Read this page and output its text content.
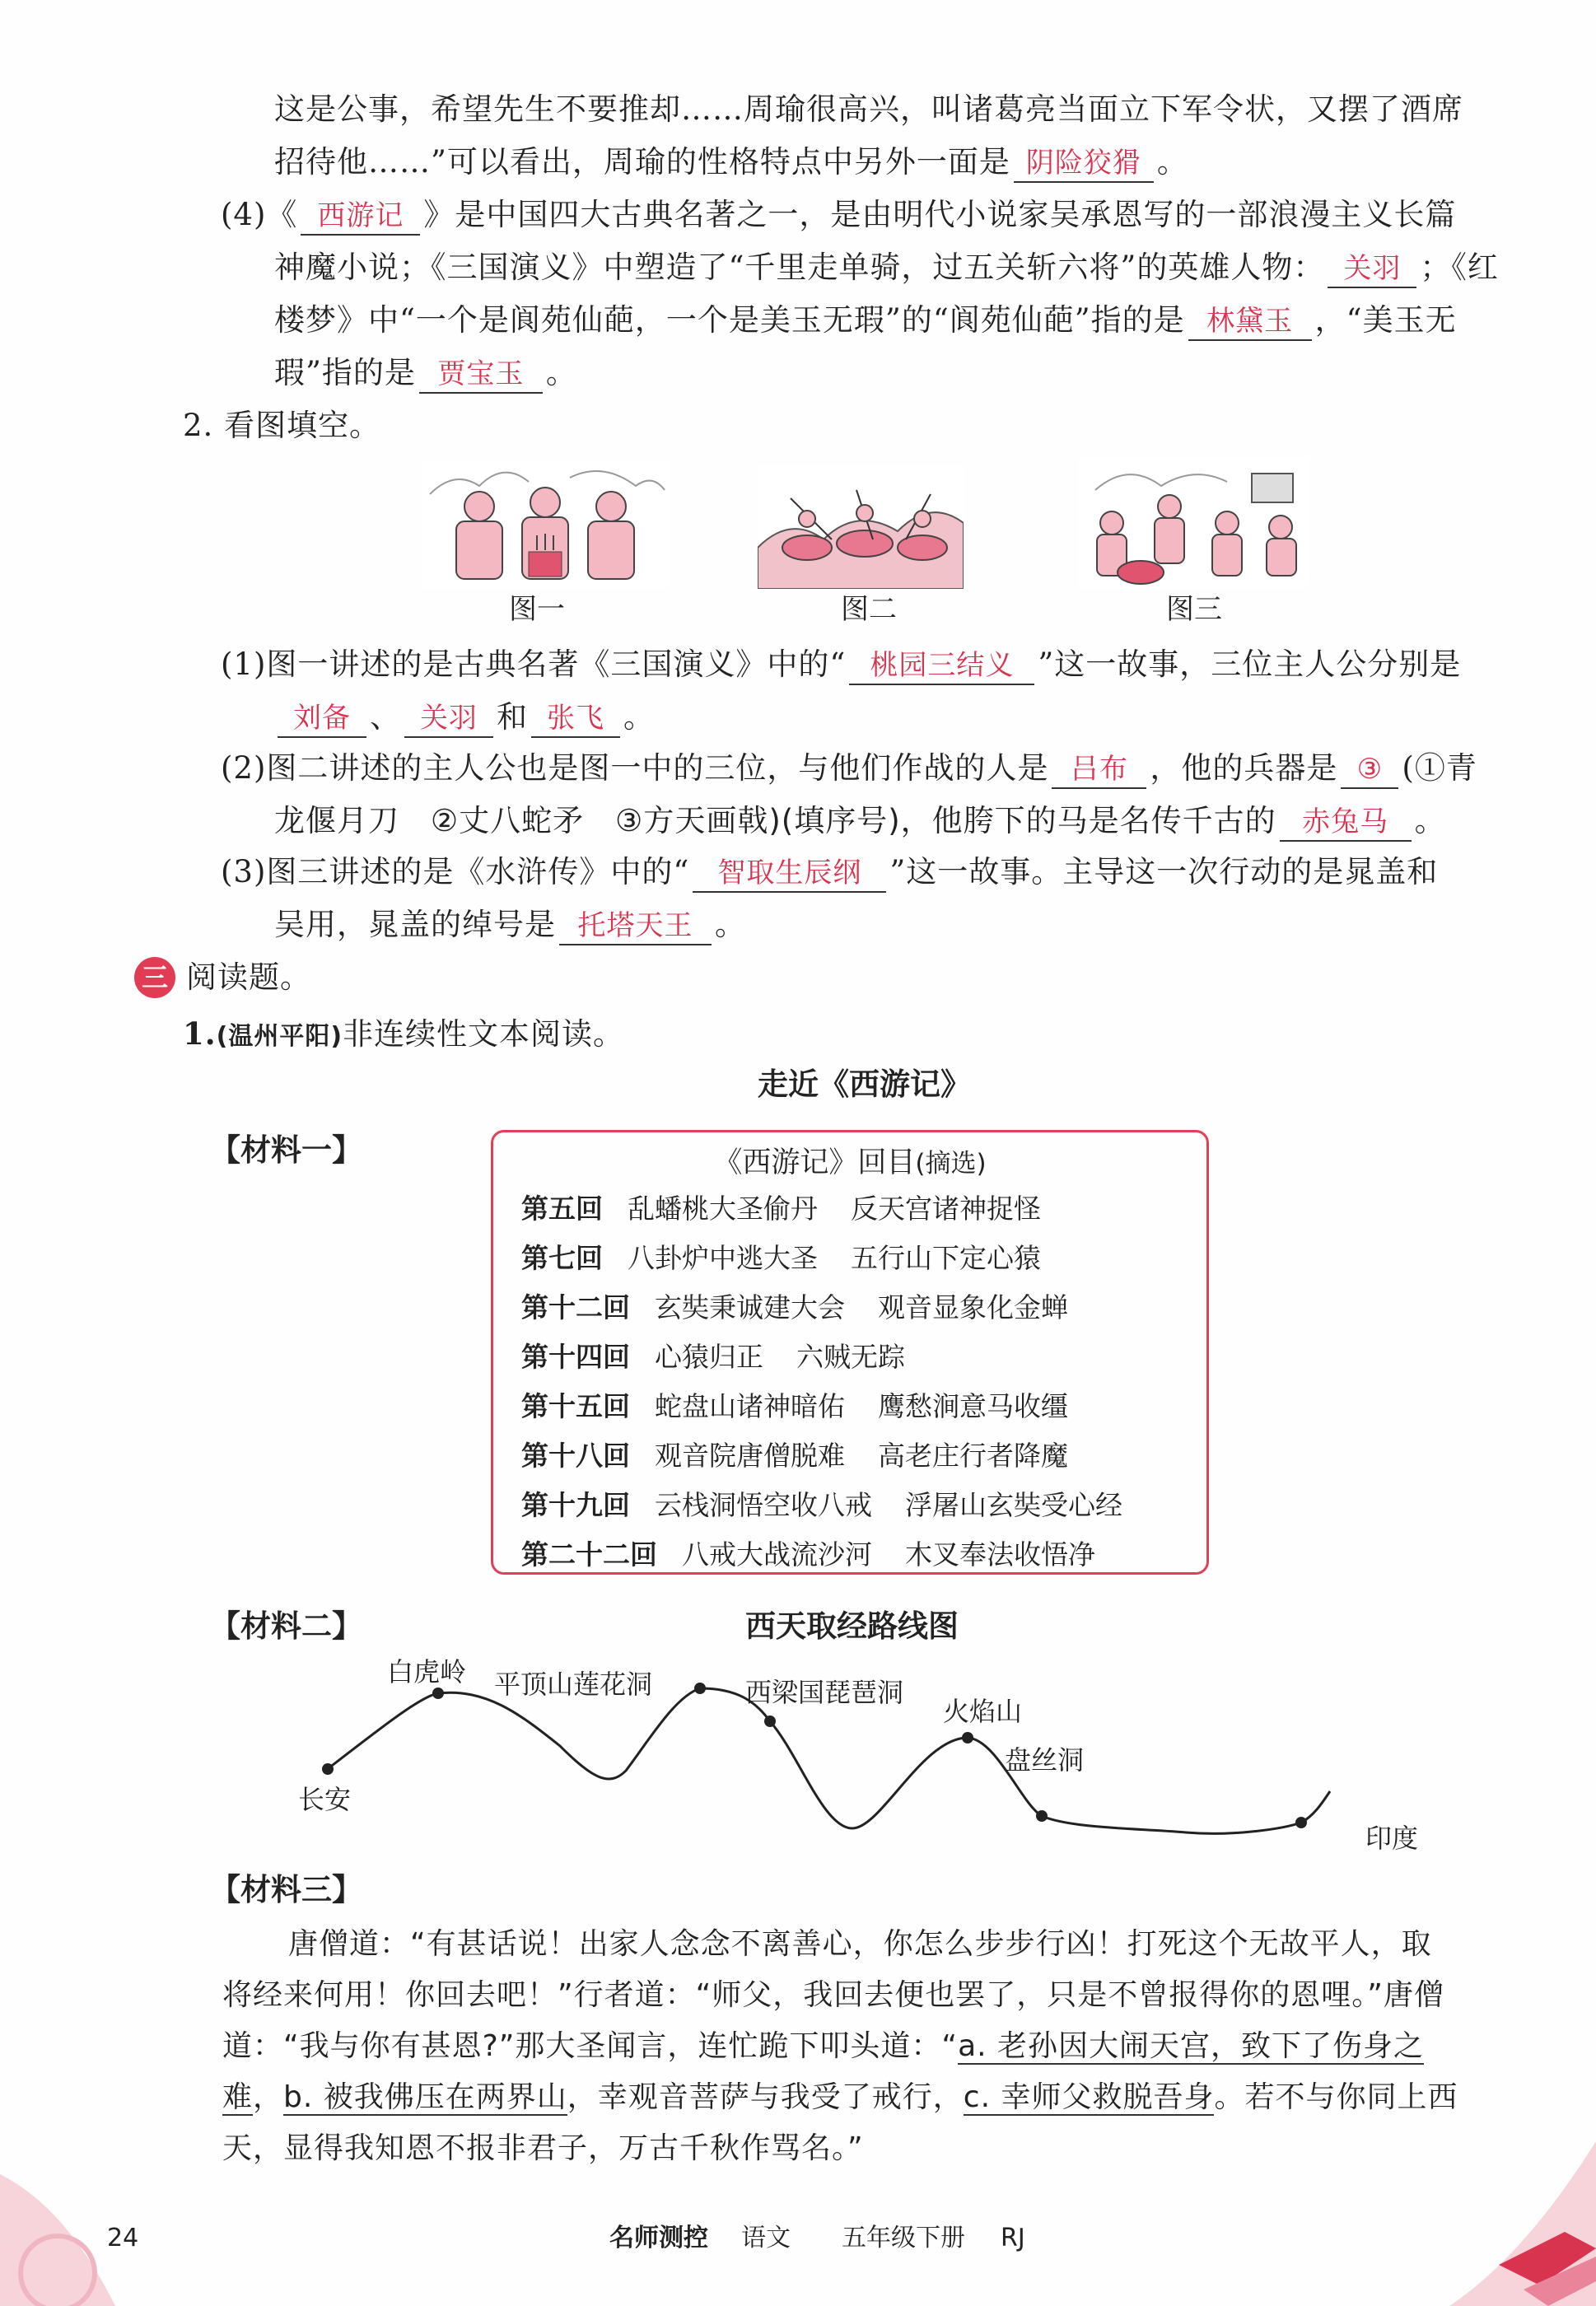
这是公事，希望先生不要推却……周瑜很高兴，叫诸葛亮当面立下军令状，又摆了酒席
招待他……”可以看出，周瑜的性格特点中另外一面是 阴险狡猾 。
(4)《 西游记 》是中国四大古典名著之一，是由明代小说家吴承恩写的一部浪漫主义长篇
神魔小说；《三国演义》中塑造了“千里走单骑，过五关斩六将”的英雄人物： 关羽 ；《红
楼梦》中“一个是阆苑仙葩，一个是美玉无瑕”的“阆苑仙葩”指的是 林黛玉 ，“美玉无
瑕”指的是 贾宝玉 。
2. 看图填空。
图一	图二	图三
(1)图一讲述的是古典名著《三国演义》中的“ 桃园三结义 ”这一故事，三位主人公分别是
刘备 、 关羽 和 张飞 。
(2)图二讲述的主人公也是图一中的三位，与他们作战的人是 吕布 ，他的兵器是 ③ (①青
龙偃月刀　②丈八蛇矛　③方天画戟)(填序号)，他胯下的马是名传千古的 赤兔马 。
(3)图三讲述的是《水浒传》中的“ 智取生辰纲 ”这一故事。主导这一次行动的是晁盖和
吴用，晁盖的绰号是 托塔天王 。
三 阅读题。
1.(温州平阳)非连续性文本阅读。
走近《西游记》
【材料一】	《西游记》回目(摘选)
第五回 乱蟠桃大圣偷丹 反天宫诸神捉怪
第七回 八卦炉中逃大圣 五行山下定心猿
第十二回 玄奘秉诚建大会 观音显象化金蝉
第十四回 心猿归正 六贼无踪
第十五回 蛇盘山诸神暗佑 鹰愁涧意马收缰
第十八回 观音院唐僧脱难 高老庄行者降魔
第十九回 云栈洞悟空收八戒 浮屠山玄奘受心经
第二十二回 八戒大战流沙河 木叉奉法收悟净
【材料二】	西天取经路线图
长安
白虎岭 平顶山莲花洞	西梁国琵琶洞
火焰山
盘丝洞
印度
【材料三】
唐僧道：“有甚话说！出家人念念不离善心，你怎么步步行凶！打死这个无故平人，取
将经来何用！你回去吧！”行者道：“师父，我回去便也罢了，只是不曾报得你的恩哩。”唐僧
道：“我与你有甚恩?”那大圣闻言，连忙跪下叩头道：“a. 老孙因大闹天宫，致下了伤身之
难，b. 被我佛压在两界山，幸观音菩萨与我受了戒行，c. 幸师父救脱吾身。若不与你同上西
天，显得我知恩不报非君子，万古千秋作骂名。”
24	名师测控 语文 五年级下册 RJ
